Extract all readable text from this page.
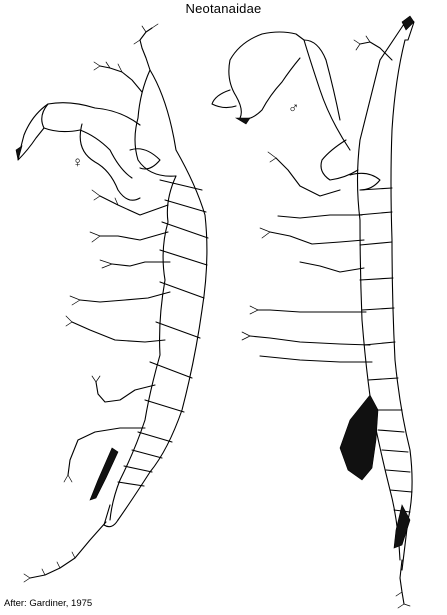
Neotanaidae
♀
♂
After: Gardiner, 1975
